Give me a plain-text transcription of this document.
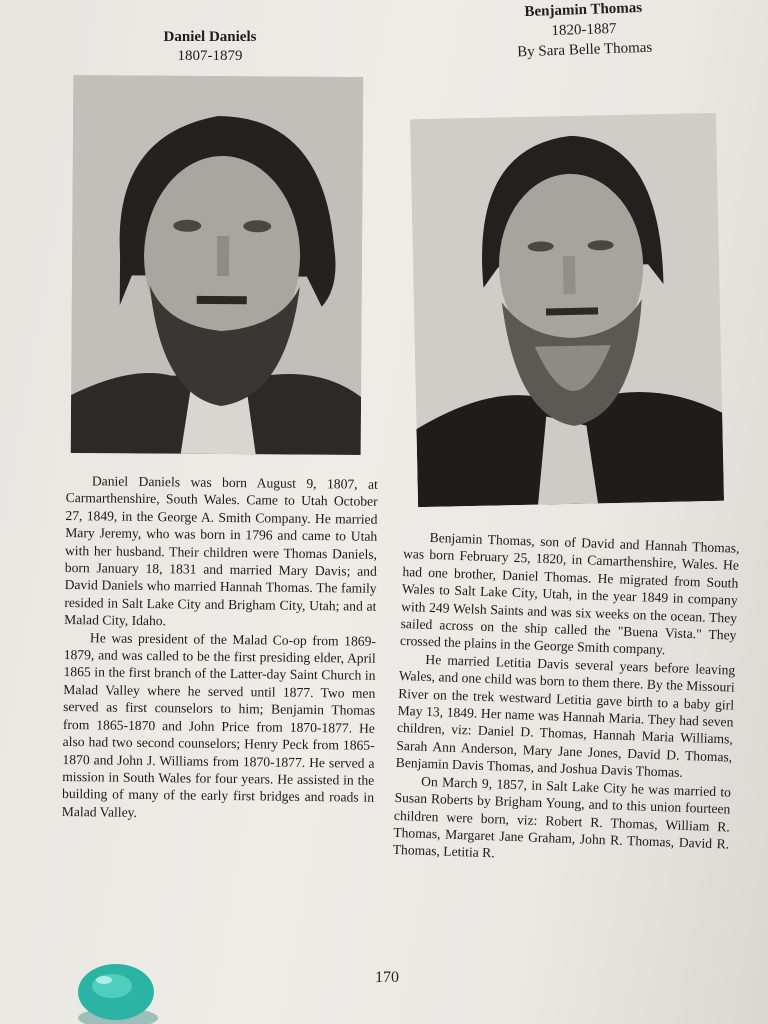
Daniel Daniels
1807-1879
Benjamin Thomas
1820-1887
By Sara Belle Thomas

Daniel Daniels was born August 9, 1807, at Carmarthenshire, South Wales. Came to Utah October 27, 1849, in the George A. Smith Company. He married Mary Jeremy, who was born in 1796 and came to Utah with her husband. Their children were Thomas Daniels, born January 18, 1831 and married Mary Davis; and David Daniels who married Hannah Thomas. The family resided in Salt Lake City and Brigham City, Utah; and at Malad City, Idaho.

He was president of the Malad Co-op from 1869-1879, and was called to be the first presiding elder, April 1865 in the first branch of the Latter-day Saint Church in Malad Valley where he served until 1877. Two men served as first counselors to him; Benjamin Thomas from 1865-1870 and John Price from 1870-1877. He also had two second counselors; Henry Peck from 1865-1870 and John J. Williams from 1870-1877. He served a mission in South Wales for four years. He assisted in the building of many of the early first bridges and roads in Malad Valley.

Benjamin Thomas, son of David and Hannah Thomas, was born February 25, 1820, in Camarthenshire, Wales. He had one brother, Daniel Thomas. He migrated from South Wales to Salt Lake City, Utah, in the year 1849 in company with 249 Welsh Saints and was six weeks on the ocean. They sailed across on the ship called the "Buena Vista." They crossed the plains in the George Smith company.

He married Letitia Davis several years before leaving Wales, and one child was born to them there. By the Missouri River on the trek westward Letitia gave birth to a baby girl May 13, 1849. Her name was Hannah Maria. They had seven children, viz: Daniel D. Thomas, Hannah Maria Williams, Sarah Ann Anderson, Mary Jane Jones, David D. Thomas, Benjamin Davis Thomas, and Joshua Davis Thomas.

On March 9, 1857, in Salt Lake City he was married to Susan Roberts by Brigham Young, and to this union fourteen children were born, viz: Robert R. Thomas, William R. Thomas, Margaret Jane Graham, John R. Thomas, David R. Thomas, Letitia R.

170
